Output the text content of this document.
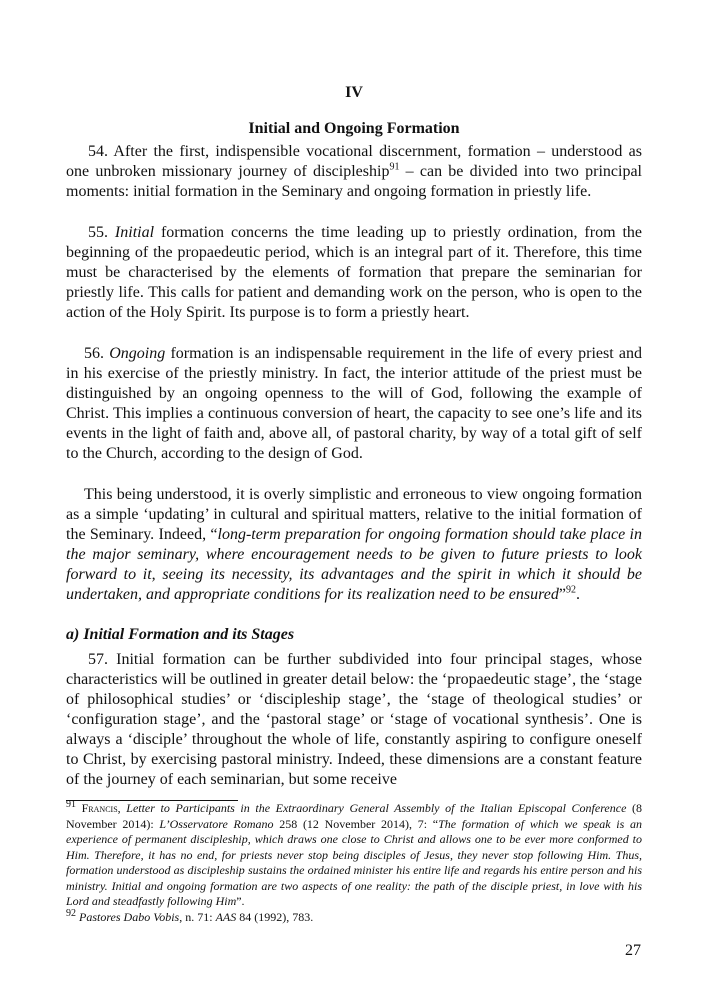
IV
Initial and Ongoing Formation

54. After the first, indispensible vocational discernment, formation – understood as one unbroken missionary journey of discipleship$^{91}$ – can be divided into two principal moments: initial formation in the Seminary and ongoing formation in priestly life.

55. Initial formation concerns the time leading up to priestly ordination, from the beginning of the propaedeutic period, which is an integral part of it. Therefore, this time must be characterised by the elements of formation that prepare the seminarian for priestly life. This calls for patient and demanding work on the person, who is open to the action of the Holy Spirit. Its purpose is to form a priestly heart.

56. Ongoing formation is an indispensable requirement in the life of every priest and in his exercise of the priestly ministry. In fact, the interior attitude of the priest must be distinguished by an ongoing openness to the will of God, following the example of Christ. This implies a continuous conversion of heart, the capacity to see one’s life and its events in the light of faith and, above all, of pastoral charity, by way of a total gift of self to the Church, according to the design of God.

This being understood, it is overly simplistic and erroneous to view ongoing formation as a simple ‘updating’ in cultural and spiritual matters, relative to the initial formation of the Seminary. Indeed, “long-term preparation for ongoing formation should take place in the major seminary, where encouragement needs to be given to future priests to look forward to it, seeing its necessity, its advantages and the spirit in which it should be undertaken, and appropriate conditions for its realization need to be ensured”$^{92}$.

a) Initial Formation and its Stages

57. Initial formation can be further subdivided into four principal stages, whose characteristics will be outlined in greater detail below: the ‘propaedeutic stage’, the ‘stage of philosophical studies’ or ‘discipleship stage’, the ‘stage of theological studies’ or ‘configuration stage’, and the ‘pastoral stage’ or ‘stage of vocational synthesis’. One is always a ‘disciple’ throughout the whole of life, constantly aspiring to configure oneself to Christ, by exercising pastoral ministry. Indeed, these dimensions are a constant feature of the journey of each seminarian, but some receive

$^{91}$ Francis, Letter to Participants in the Extraordinary General Assembly of the Italian Episcopal Conference (8 November 2014): L’Osservatore Romano 258 (12 November 2014), 7: “The formation of which we speak is an experience of permanent discipleship, which draws one close to Christ and allows one to be ever more conformed to Him. Therefore, it has no end, for priests never stop being disciples of Jesus, they never stop following Him. Thus, formation understood as discipleship sustains the ordained minister his entire life and regards his entire person and his ministry. Initial and ongoing formation are two aspects of one reality: the path of the disciple priest, in love with his Lord and steadfastly following Him”.

$^{92}$ Pastores Dabo Vobis, n. 71: AAS 84 (1992), 783.

27
